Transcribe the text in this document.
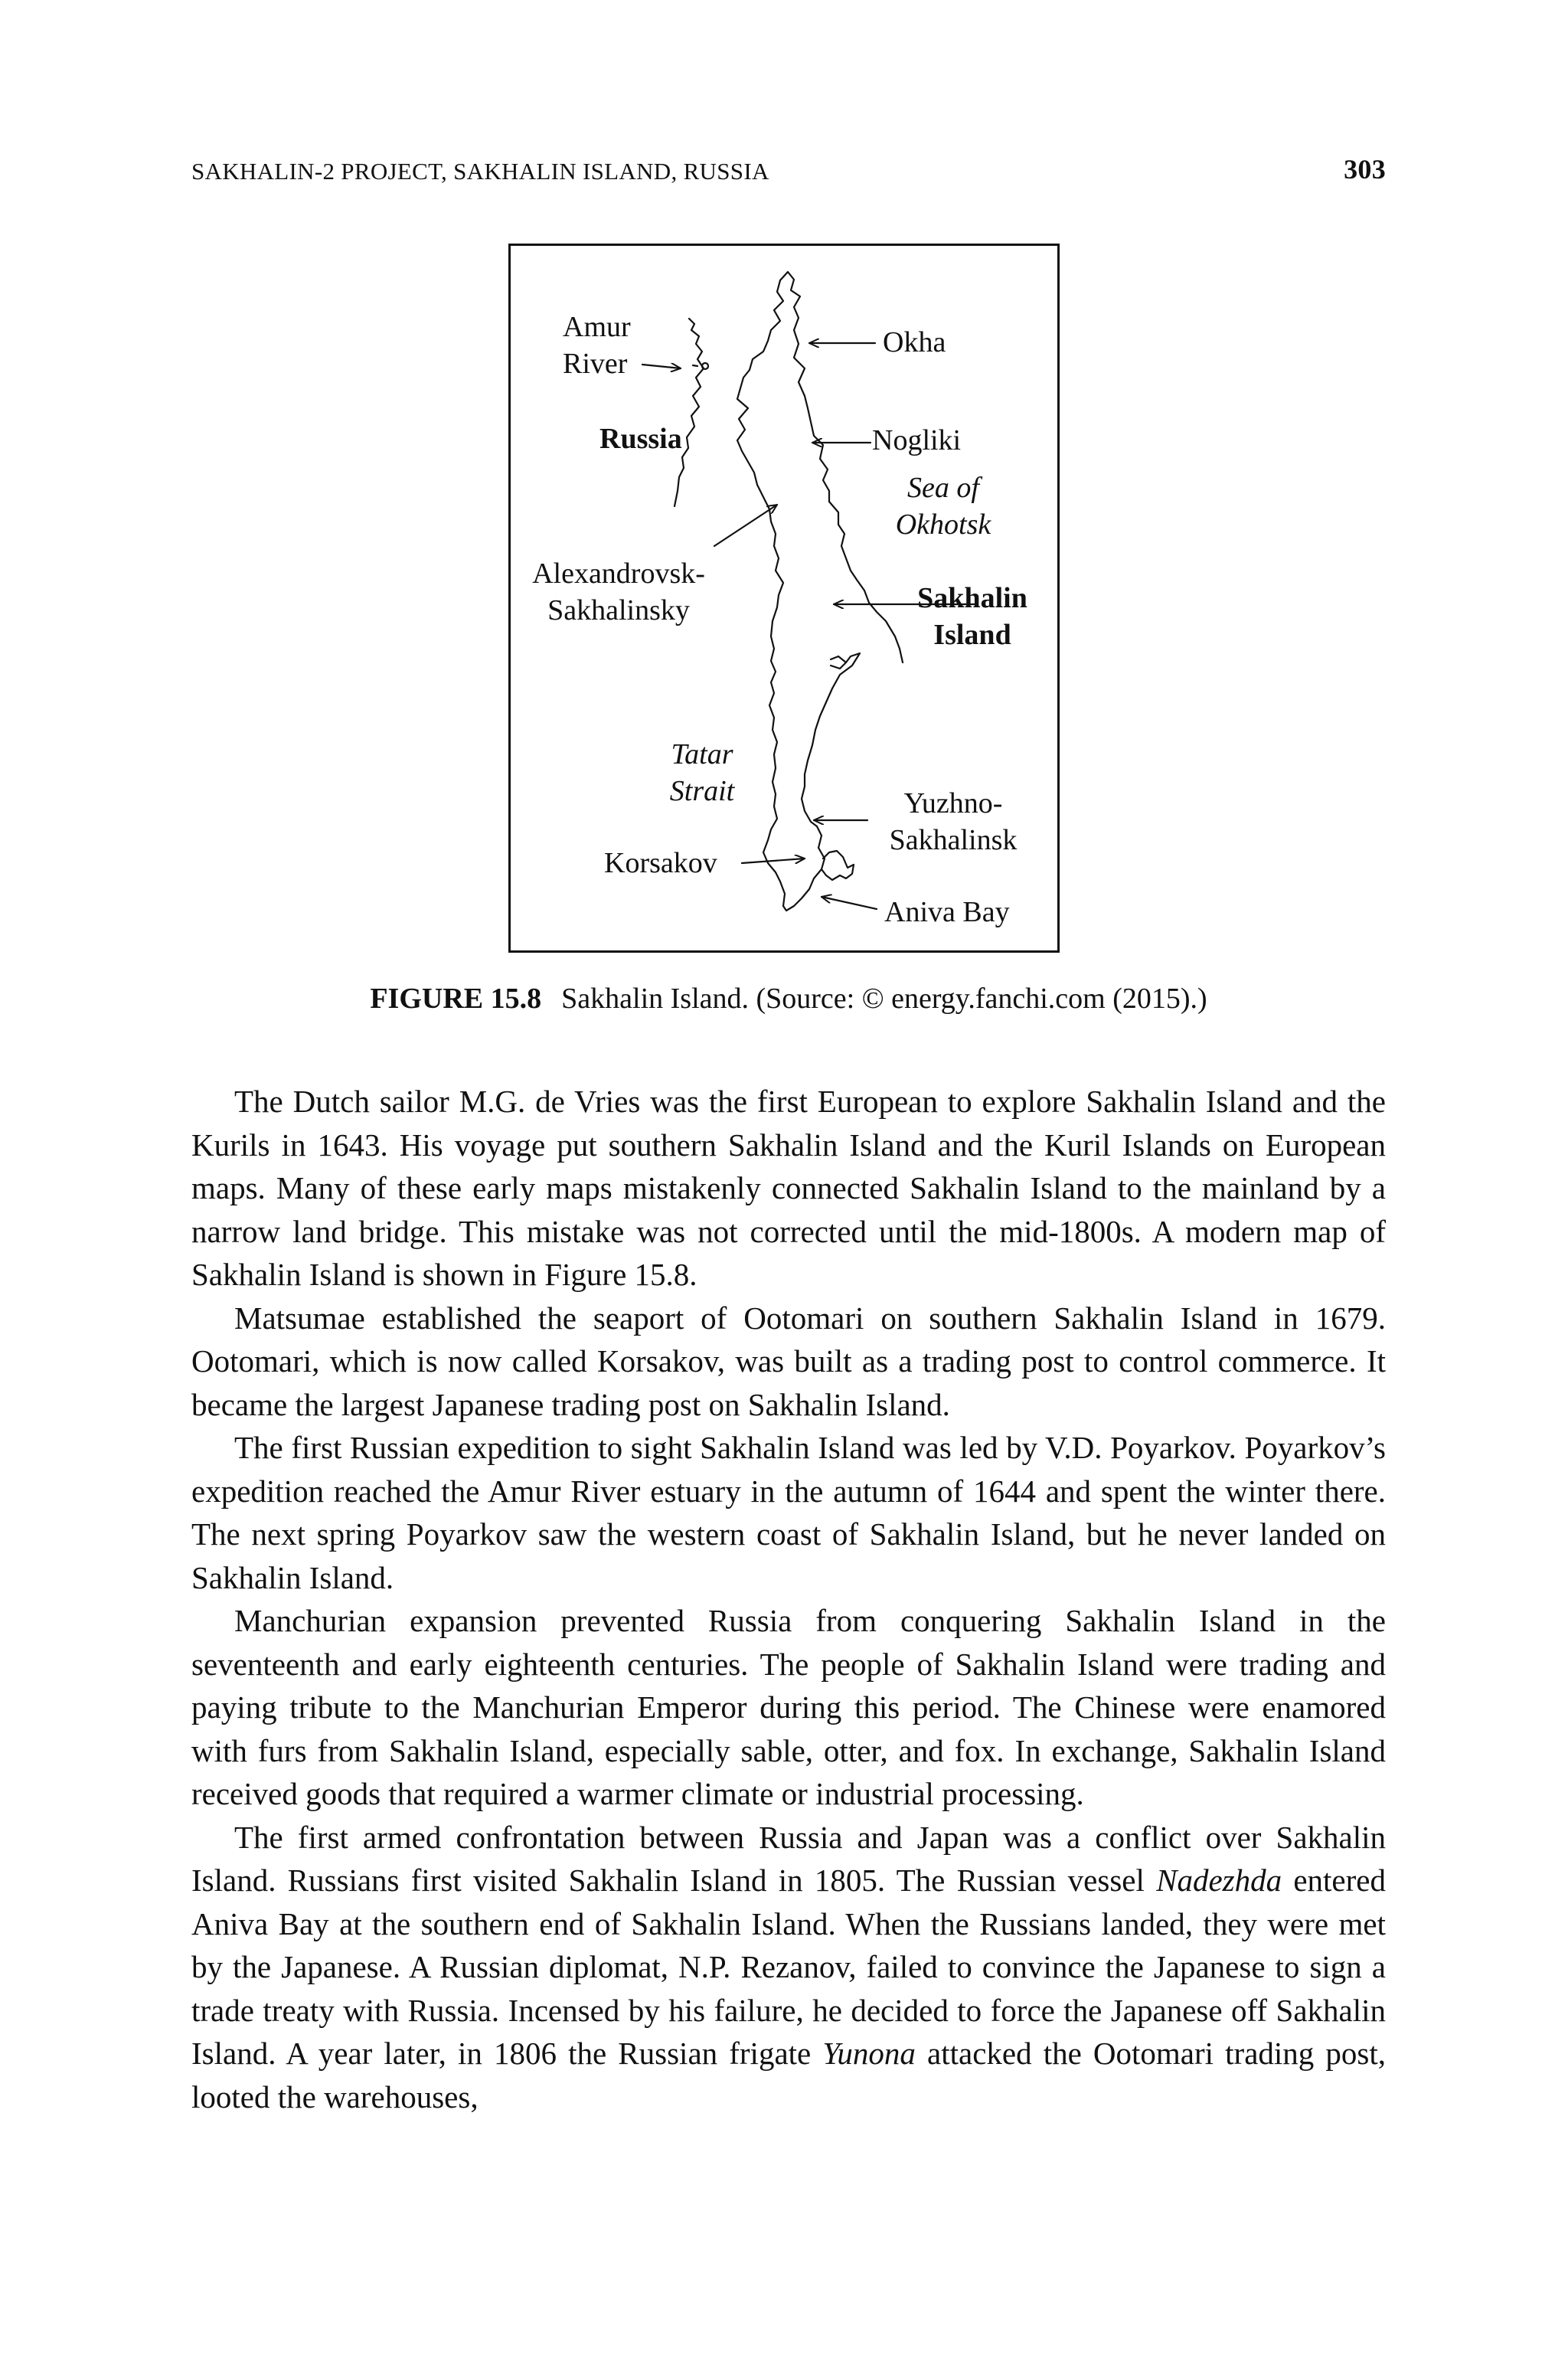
SAKHALIN-2 PROJECT, SAKHALIN ISLAND, RUSSIA	303
Amur
River
Okha
Russia	Nogliki
Sea of
Okhotsk
Alexandrovsk-
Sakhalinsky	Sakhalin
Island
Tatar
Strait	Yuzhno-
Sakhalinsk
Korsakov
Aniva Bay
FIGURE 15.8 Sakhalin Island. (Source: © energy.fanchi.com (2015).)

The Dutch sailor M.G. de Vries was the first European to explore Sakhalin Island and the Kurils in 1643. His voyage put southern Sakhalin Island and the Kuril Islands on European maps. Many of these early maps mistakenly connected Sakhalin Island to the mainland by a narrow land bridge. This mistake was not corrected until the mid-1800s. A modern map of Sakhalin Island is shown in Figure 15.8.

Matsumae established the seaport of Ootomari on southern Sakhalin Island in 1679. Ootomari, which is now called Korsakov, was built as a trading post to control commerce. It became the largest Japanese trading post on Sakhalin Island.

The first Russian expedition to sight Sakhalin Island was led by V.D. Poyarkov. Poyarkov’s expedition reached the Amur River estuary in the autumn of 1644 and spent the winter there. The next spring Poyarkov saw the western coast of Sakhalin Island, but he never landed on Sakhalin Island.

Manchurian expansion prevented Russia from conquering Sakhalin Island in the seventeenth and early eighteenth centuries. The people of Sakhalin Island were trading and paying tribute to the Manchurian Emperor during this period. The Chinese were enamored with furs from Sakhalin Island, especially sable, otter, and fox. In exchange, Sakhalin Island received goods that required a warmer climate or industrial processing.

The first armed confrontation between Russia and Japan was a conflict over Sakhalin Island. Russians first visited Sakhalin Island in 1805. The Russian vessel Nadezhda entered Aniva Bay at the southern end of Sakhalin Island. When the Russians landed, they were met by the Japanese. A Russian diplomat, N.P. Rezanov, failed to convince the Japanese to sign a trade treaty with Russia. Incensed by his failure, he decided to force the Japanese off Sakhalin Island. A year later, in 1806 the Russian frigate Yunona attacked the Ootomari trading post, looted the warehouses,
